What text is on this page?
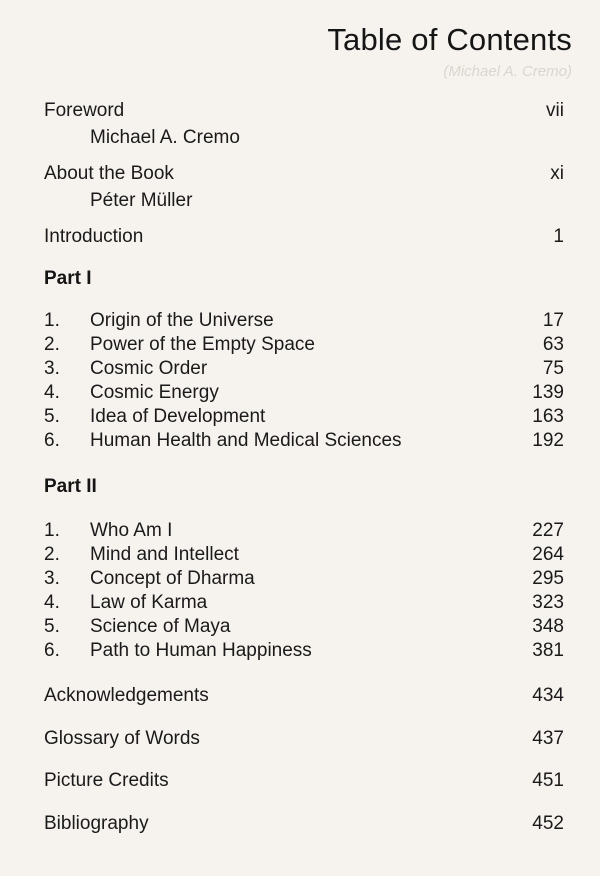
Table of Contents
(Michael A. Cremo)
Foreword	vii
Michael A. Cremo
About the Book	xi
Péter Müller
Introduction	1
Part I
1.	Origin of the Universe	17
2.	Power of the Empty Space	63
3.	Cosmic Order	75
4.	Cosmic Energy	139
5.	Idea of Development	163
6.	Human Health and Medical Sciences	192
Part II
1.	Who Am I	227
2.	Mind and Intellect	264
3.	Concept of Dharma	295
4.	Law of Karma	323
5.	Science of Maya	348
6.	Path to Human Happiness	381
Acknowledgements	434
Glossary of Words	437
Picture Credits	451
Bibliography	452
